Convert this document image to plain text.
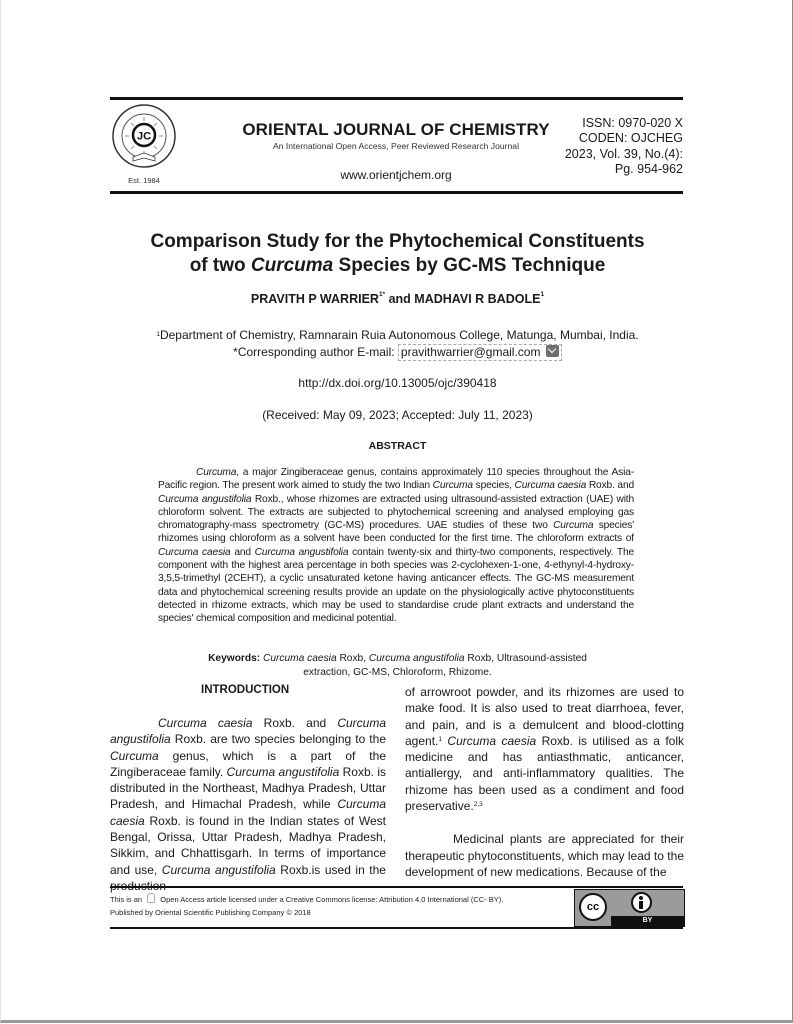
JC
Est. 1984
ORIENTAL JOURNAL OF CHEMISTRY
An International Open Access, Peer Reviewed Research Journal
www.orientjchem.org
ISSN: 0970-020 X
CODEN: OJCHEG
2023, Vol. 39, No.(4):
Pg. 954-962
Comparison Study for the Phytochemical Constituents
of two Curcuma Species by GC-MS Technique
PRAVITH P $WARRIER^{1*}$ and MADHAVI R BADOLE$^1$
$^1$Department of Chemistry, Ramnarain Ruia Autonomous College, Matunga, Mumbai, India.
*Corresponding author E-mail: pravithwarrier@gmail.com
http://dx.doi.org/10.13005/ojc/390418
(Received: May 09, 2023; Accepted: July 11, 2023)
ABSTRACT
Curcuma, a major Zingiberaceae genus, contains approximately 110 species throughout the Asia-Pacific region. The present work aimed to study the two Indian Curcuma species, Curcuma caesia Roxb. and Curcuma angustifolia Roxb., whose rhizomes are extracted using ultrasound-assisted extraction (UAE) with chloroform solvent. The extracts are subjected to phytochemical screening and analysed employing gas chromatography-mass spectrometry (GC-MS) procedures. UAE studies of these two Curcuma species' rhizomes using chloroform as a solvent have been conducted for the first time. The chloroform extracts of Curcuma caesia and Curcuma angustifolia contain twenty-six and thirty-two components, respectively. The component with the highest area percentage in both species was 2-cyclohexen-1-one, 4-ethynyl-4-hydroxy-3,5,5-trimethyl (2CEHT), a cyclic unsaturated ketone having anticancer effects. The GC-MS measurement data and phytochemical screening results provide an update on the physiologically active phytoconstituents detected in rhizome extracts, which may be used to standardise crude plant extracts and understand the species' chemical composition and medicinal potential.
Keywords: Curcuma caesia Roxb, Curcuma angustifolia Roxb, Ultrasound-assisted extraction, GC-MS, Chloroform, Rhizome.
INTRODUCTION
Curcuma caesia Roxb. and Curcuma angustifolia Roxb. are two species belonging to the Curcuma genus, which is a part of the Zingiberaceae family. Curcuma angustifolia Roxb. is distributed in the Northeast, Madhya Pradesh, Uttar Pradesh, and Himachal Pradesh, while Curcuma caesia Roxb. is found in the Indian states of West Bengal, Orissa, Uttar Pradesh, Madhya Pradesh, Sikkim, and Chhattisgarh. In terms of importance and use, Curcuma angustifolia Roxb.is used in the
of arrowroot powder, and its rhizomes are used to make food. It is also used to treat diarrhoea, fever, and pain, and is a demulcent and blood-clotting agent.$^1$ Curcuma caesia Roxb. is utilised as a folk medicine and has antiasthmatic, anticancer, antiallergy, and anti-inflammatory qualities. The rhizome has been used as a condiment and food preservative.$^{2,3}$
Medicinal plants are appreciated for their therapeutic phytoconstituents, which may lead to the development of new medications. Because of the
This is an  Open Access article licensed under a Creative Commons license: Attribution 4.0 International (CC- BY).
Published by Oriental Scientific Publishing Company © 2018	cc
BY
